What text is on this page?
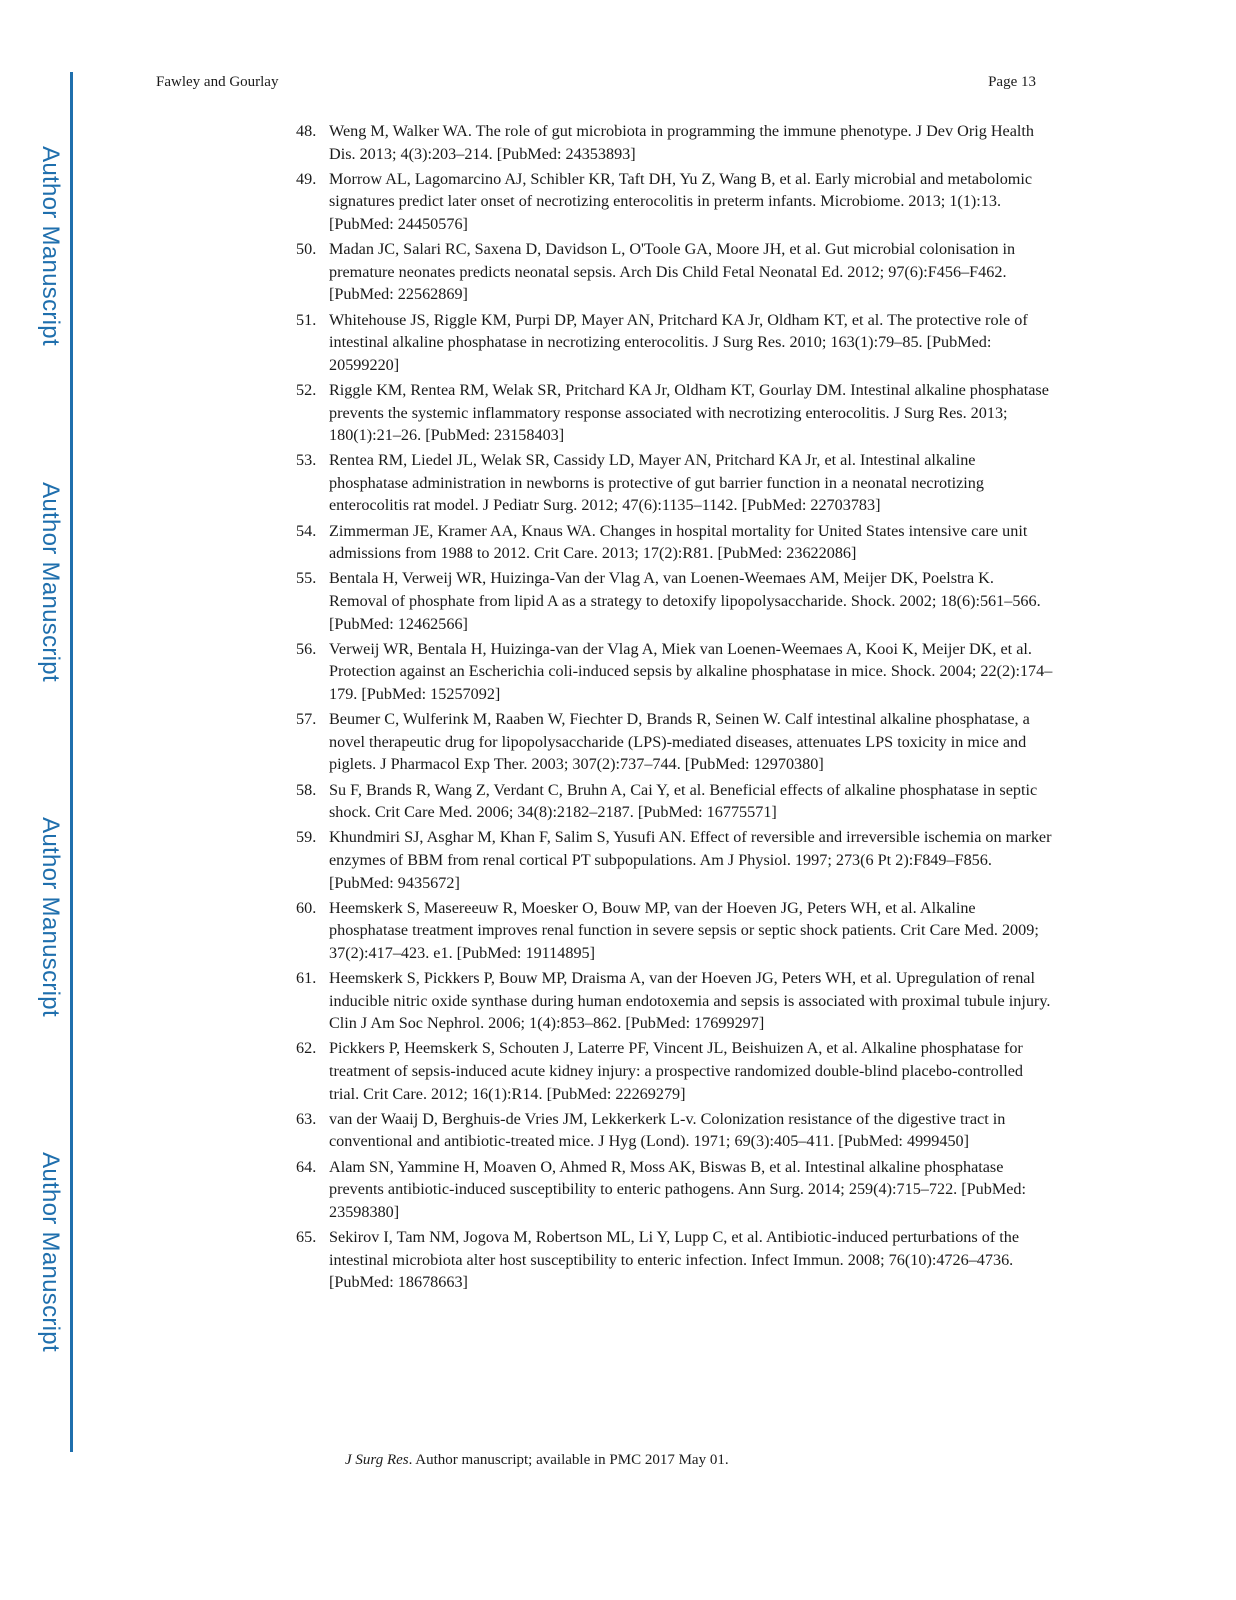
Author Manuscript
Author Manuscript
Author Manuscript
Author Manuscript
Fawley and Gourlay	Page 13
48. Weng M, Walker WA. The role of gut microbiota in programming the immune phenotype. J Dev Orig Health Dis. 2013; 4(3):203–214. [PubMed: 24353893]
49. Morrow AL, Lagomarcino AJ, Schibler KR, Taft DH, Yu Z, Wang B, et al. Early microbial and metabolomic signatures predict later onset of necrotizing enterocolitis in preterm infants. Microbiome. 2013; 1(1):13. [PubMed: 24450576]
50. Madan JC, Salari RC, Saxena D, Davidson L, O'Toole GA, Moore JH, et al. Gut microbial colonisation in premature neonates predicts neonatal sepsis. Arch Dis Child Fetal Neonatal Ed. 2012; 97(6):F456–F462. [PubMed: 22562869]
51. Whitehouse JS, Riggle KM, Purpi DP, Mayer AN, Pritchard KA Jr, Oldham KT, et al. The protective role of intestinal alkaline phosphatase in necrotizing enterocolitis. J Surg Res. 2010; 163(1):79–85. [PubMed: 20599220]
52. Riggle KM, Rentea RM, Welak SR, Pritchard KA Jr, Oldham KT, Gourlay DM. Intestinal alkaline phosphatase prevents the systemic inflammatory response associated with necrotizing enterocolitis. J Surg Res. 2013; 180(1):21–26. [PubMed: 23158403]
53. Rentea RM, Liedel JL, Welak SR, Cassidy LD, Mayer AN, Pritchard KA Jr, et al. Intestinal alkaline phosphatase administration in newborns is protective of gut barrier function in a neonatal necrotizing enterocolitis rat model. J Pediatr Surg. 2012; 47(6):1135–1142. [PubMed: 22703783]
54. Zimmerman JE, Kramer AA, Knaus WA. Changes in hospital mortality for United States intensive care unit admissions from 1988 to 2012. Crit Care. 2013; 17(2):R81. [PubMed: 23622086]
55. Bentala H, Verweij WR, Huizinga-Van der Vlag A, van Loenen-Weemaes AM, Meijer DK, Poelstra K. Removal of phosphate from lipid A as a strategy to detoxify lipopolysaccharide. Shock. 2002; 18(6):561–566. [PubMed: 12462566]
56. Verweij WR, Bentala H, Huizinga-van der Vlag A, Miek van Loenen-Weemaes A, Kooi K, Meijer DK, et al. Protection against an Escherichia coli-induced sepsis by alkaline phosphatase in mice. Shock. 2004; 22(2):174–179. [PubMed: 15257092]
57. Beumer C, Wulferink M, Raaben W, Fiechter D, Brands R, Seinen W. Calf intestinal alkaline phosphatase, a novel therapeutic drug for lipopolysaccharide (LPS)-mediated diseases, attenuates LPS toxicity in mice and piglets. J Pharmacol Exp Ther. 2003; 307(2):737–744. [PubMed: 12970380]
58. Su F, Brands R, Wang Z, Verdant C, Bruhn A, Cai Y, et al. Beneficial effects of alkaline phosphatase in septic shock. Crit Care Med. 2006; 34(8):2182–2187. [PubMed: 16775571]
59. Khundmiri SJ, Asghar M, Khan F, Salim S, Yusufi AN. Effect of reversible and irreversible ischemia on marker enzymes of BBM from renal cortical PT subpopulations. Am J Physiol. 1997; 273(6 Pt 2):F849–F856. [PubMed: 9435672]
60. Heemskerk S, Masereeuw R, Moesker O, Bouw MP, van der Hoeven JG, Peters WH, et al. Alkaline phosphatase treatment improves renal function in severe sepsis or septic shock patients. Crit Care Med. 2009; 37(2):417–423. e1. [PubMed: 19114895]
61. Heemskerk S, Pickkers P, Bouw MP, Draisma A, van der Hoeven JG, Peters WH, et al. Upregulation of renal inducible nitric oxide synthase during human endotoxemia and sepsis is associated with proximal tubule injury. Clin J Am Soc Nephrol. 2006; 1(4):853–862. [PubMed: 17699297]
62. Pickkers P, Heemskerk S, Schouten J, Laterre PF, Vincent JL, Beishuizen A, et al. Alkaline phosphatase for treatment of sepsis-induced acute kidney injury: a prospective randomized double-blind placebo-controlled trial. Crit Care. 2012; 16(1):R14. [PubMed: 22269279]
63. van der Waaij D, Berghuis-de Vries JM, Lekkerkerk L-v. Colonization resistance of the digestive tract in conventional and antibiotic-treated mice. J Hyg (Lond). 1971; 69(3):405–411. [PubMed: 4999450]
64. Alam SN, Yammine H, Moaven O, Ahmed R, Moss AK, Biswas B, et al. Intestinal alkaline phosphatase prevents antibiotic-induced susceptibility to enteric pathogens. Ann Surg. 2014; 259(4):715–722. [PubMed: 23598380]
65. Sekirov I, Tam NM, Jogova M, Robertson ML, Li Y, Lupp C, et al. Antibiotic-induced perturbations of the intestinal microbiota alter host susceptibility to enteric infection. Infect Immun. 2008; 76(10):4726–4736. [PubMed: 18678663]
J Surg Res. Author manuscript; available in PMC 2017 May 01.
